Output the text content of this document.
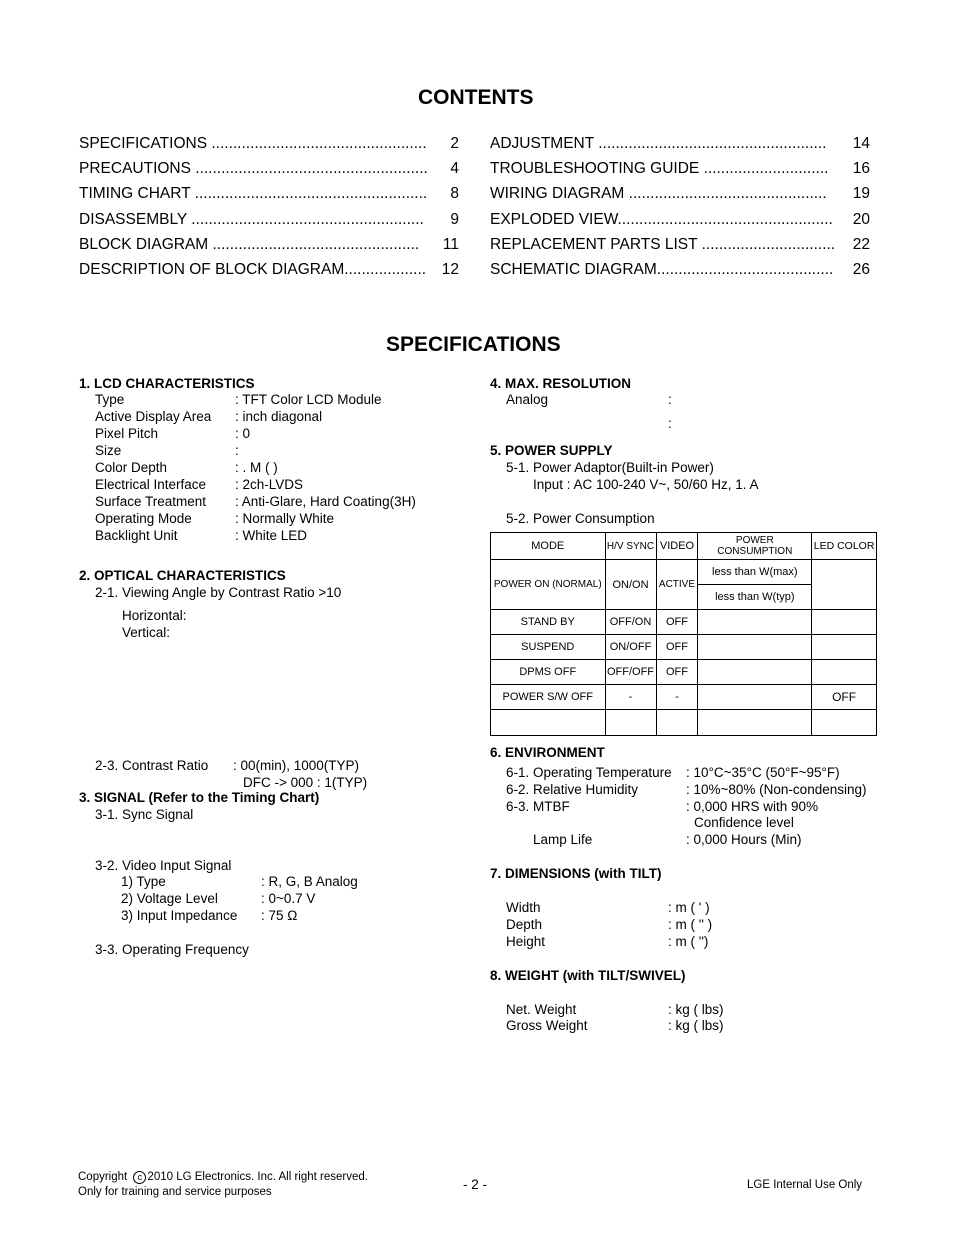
CONTENTS
SPECIFICATIONS .................................................. 2
PRECAUTIONS ...................................................... 4
TIMING CHART ...................................................... 8
DISASSEMBLY ...................................................... 9
BLOCK DIAGRAM ................................................ 11
DESCRIPTION OF BLOCK DIAGRAM................... 12
ADJUSTMENT ..................................................... 14
TROUBLESHOOTING GUIDE ............................. 16
WIRING DIAGRAM .............................................. 19
EXPLODED VIEW.................................................. 20
REPLACEMENT PARTS LIST ............................... 22
SCHEMATIC DIAGRAM......................................... 26
SPECIFICATIONS
1. LCD CHARACTERISTICS
Type	: TFT Color LCD Module
Active Display Area : inch diagonal
Pixel Pitch	: 0
Size	:
Color Depth	: . M ( )
Electrical Interface : 2ch-LVDS
Surface Treatment : Anti-Glare, Hard Coating(3H)
Operating Mode	: Normally White
Backlight Unit	: White LED
2. OPTICAL CHARACTERISTICS
2-1. Viewing Angle by Contrast Ratio >10
Horizontal:
Vertical:
2-3. Contrast Ratio : 00(min), 1000(TYP)
DFC -> 000 : 1(TYP)
3. SIGNAL (Refer to the Timing Chart)
3-1. Sync Signal
3-2. Video Input Signal
1) Type	: R, G, B Analog
2) Voltage Level	: 0~0.7 V
3) Input Impedance : 75 Ω
3-3. Operating Frequency
4. MAX. RESOLUTION
Analog	:
:
5. POWER SUPPLY
5-1. Power Adaptor(Built-in Power)
Input : AC 100-240 V~, 50/60 Hz, 1. A
5-2. Power Consumption
MODE	H/V SYNC	VIDEO	POWER CONSUMPTION	LED COLOR
POWER ON (NORMAL)	ON/ON	ACTIVE	less than W(max)	
			less than W(typ)	
STAND BY	OFF/ON	OFF		
SUSPEND	ON/OFF	OFF		
DPMS OFF	OFF/OFF	OFF		
POWER S/W OFF	-	-		OFF

6. ENVIRONMENT
6-1. Operating Temperature : 10°C~35°C (50°F~95°F)
6-2. Relative Humidity	: 10%~80% (Non-condensing)
6-3. MTBF	: 0,000 HRS with 90%
Confidence level
Lamp Life	: 0,000 Hours (Min)
7. DIMENSIONS (with TILT)
Width	: m ( ' )
Depth	: m ( '' )
Height	: m ( '')
8. WEIGHT (with TILT/SWIVEL)
Net. Weight	: kg ( lbs)
Gross Weight	: kg ( lbs)
Copyright c 2010 LG Electronics. Inc. All right reserved.
Only for training and service purposes	- 2 -	LGE Internal Use Only
